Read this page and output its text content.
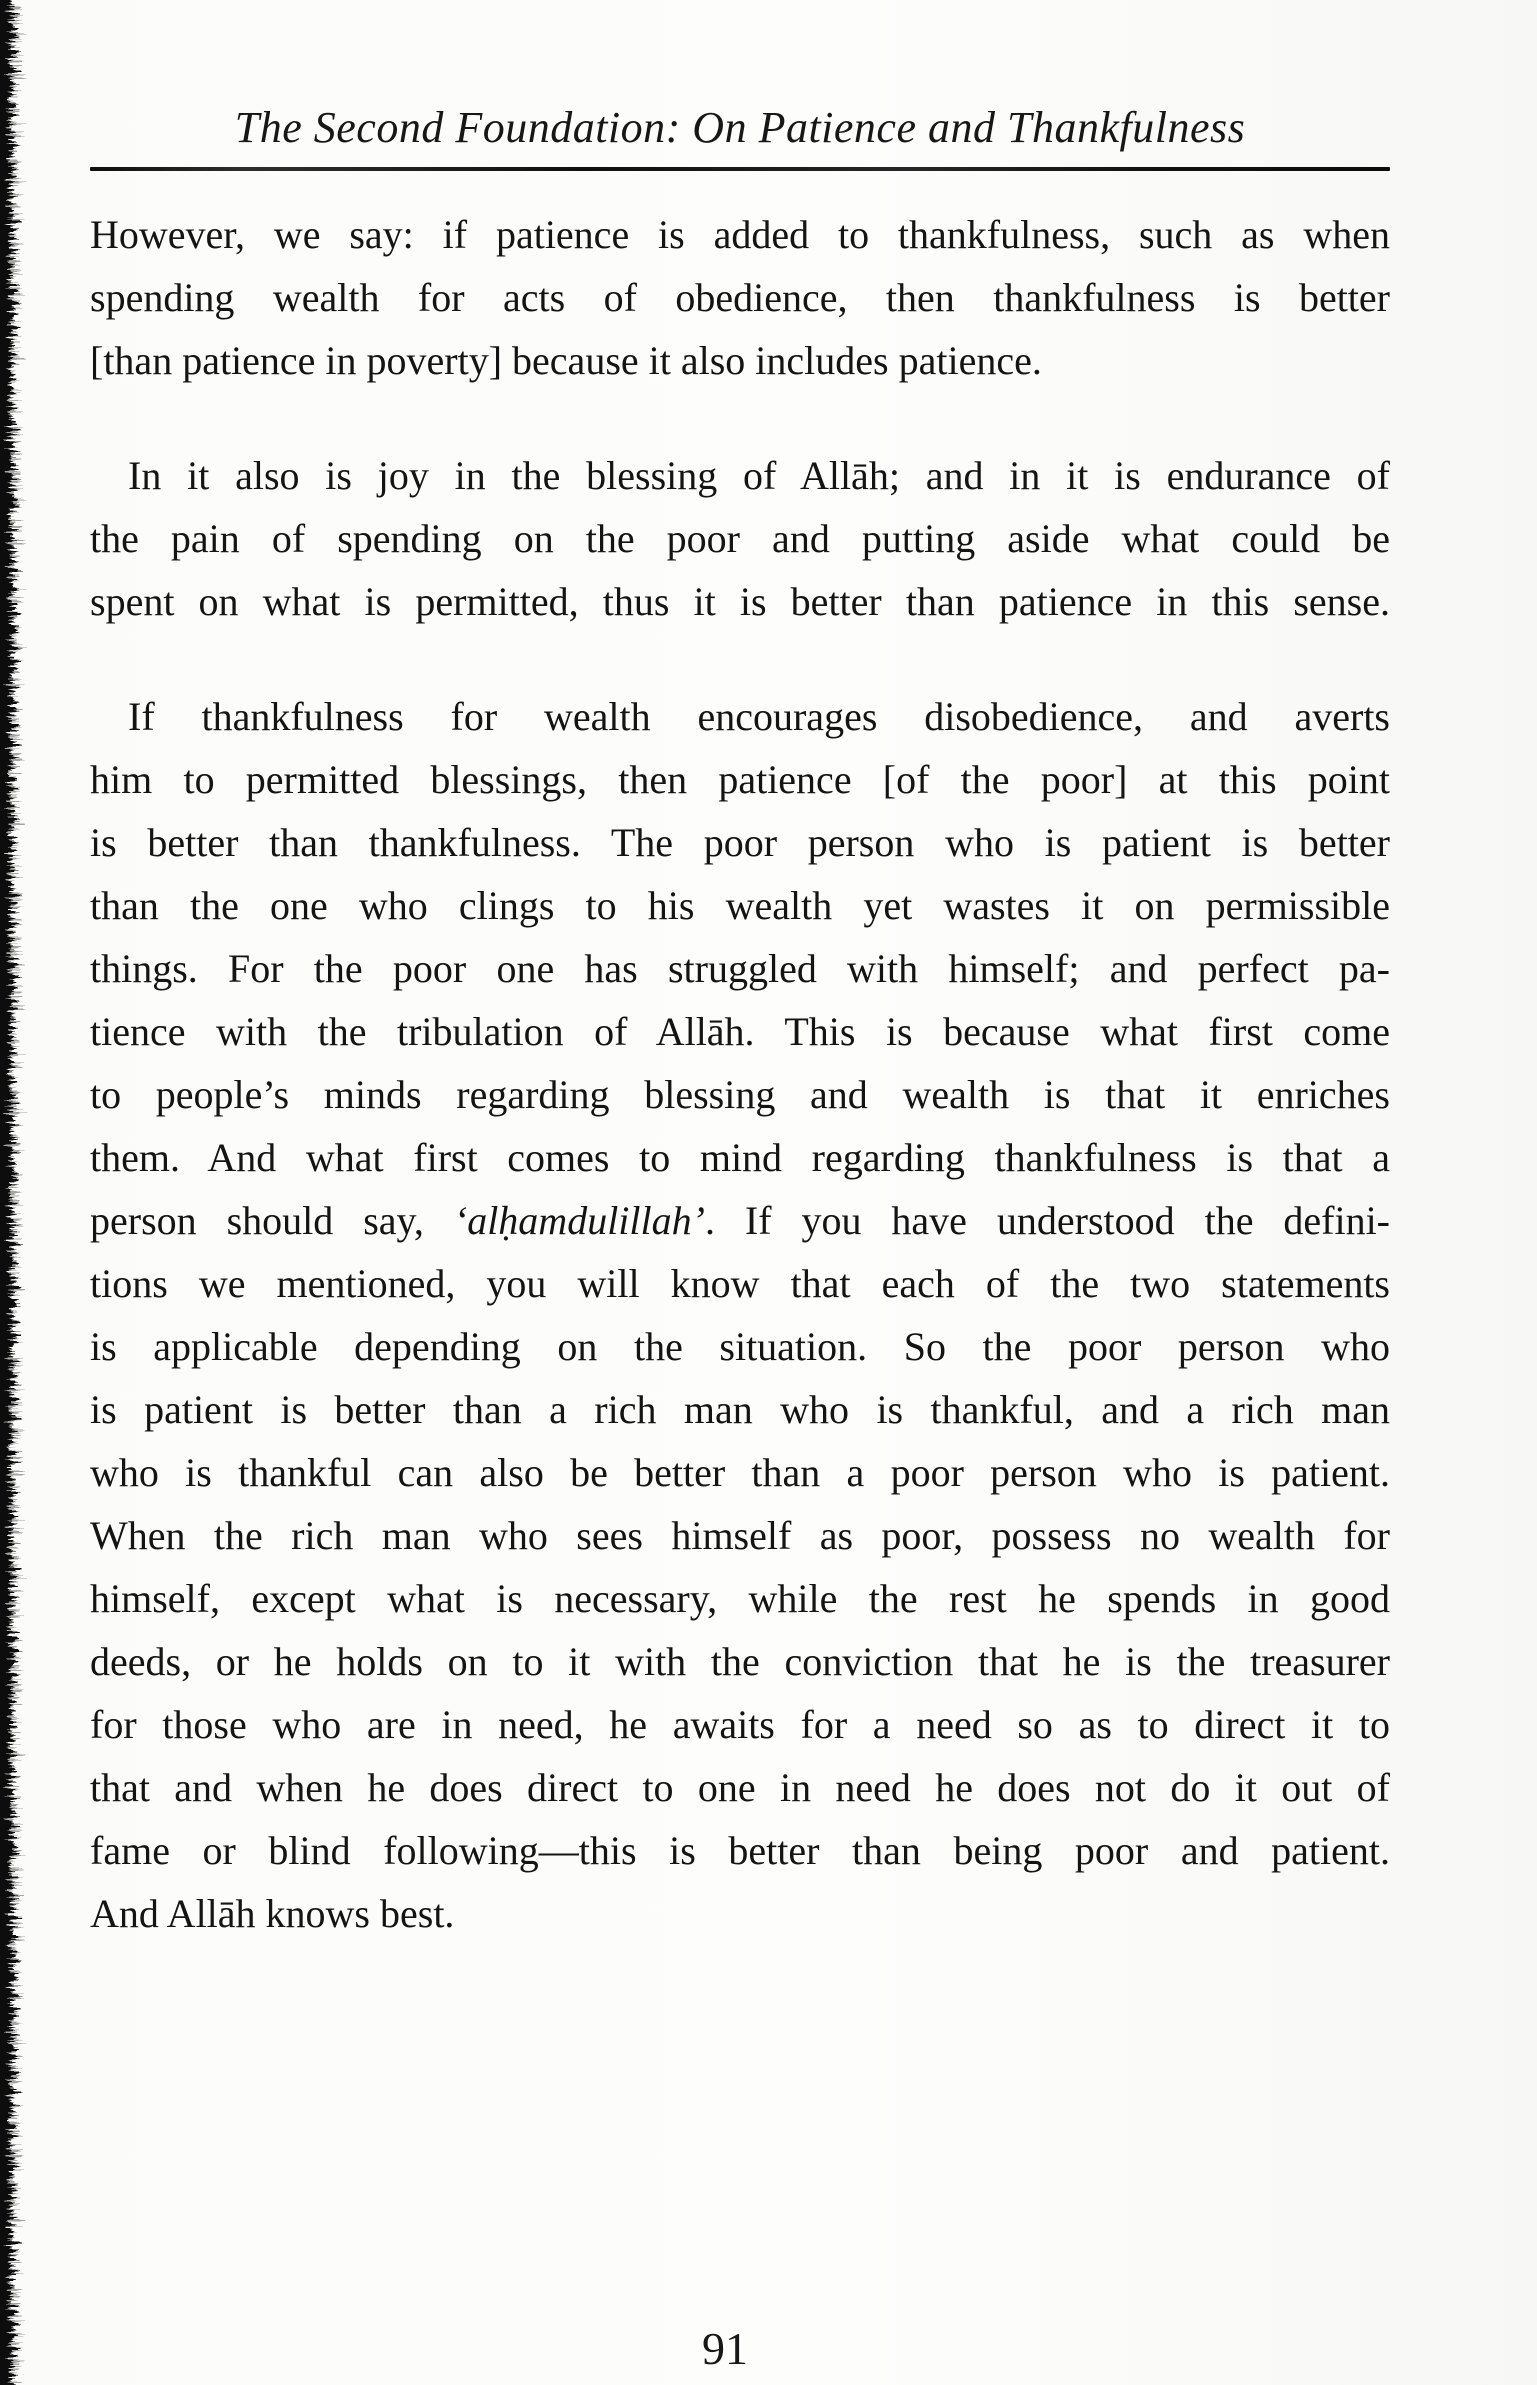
The Second Foundation: On Patience and Thankfulness
However, we say: if patience is added to thankfulness, such as when
spending wealth for acts of obedience, then thankfulness is better
[than patience in poverty] because it also includes patience.
In it also is joy in the blessing of Allāh; and in it is endurance of
the pain of spending on the poor and putting aside what could be
spent on what is permitted, thus it is better than patience in this sense.
If thankfulness for wealth encourages disobedience, and averts
him to permitted blessings, then patience [of the poor] at this point
is better than thankfulness. The poor person who is patient is better
than the one who clings to his wealth yet wastes it on permissible
things. For the poor one has struggled with himself; and perfect pa-
tience with the tribulation of Allāh. This is because what first come
to people’s minds regarding blessing and wealth is that it enriches
them. And what first comes to mind regarding thankfulness is that a
person should say, ‘alḥamdulillah’. If you have understood the defini-
tions we mentioned, you will know that each of the two statements
is applicable depending on the situation. So the poor person who
is patient is better than a rich man who is thankful, and a rich man
who is thankful can also be better than a poor person who is patient.
When the rich man who sees himself as poor, possess no wealth for
himself, except what is necessary, while the rest he spends in good
deeds, or he holds on to it with the conviction that he is the treasurer
for those who are in need, he awaits for a need so as to direct it to
that and when he does direct to one in need he does not do it out of
fame or blind following—this is better than being poor and patient.
And Allāh knows best.
91
